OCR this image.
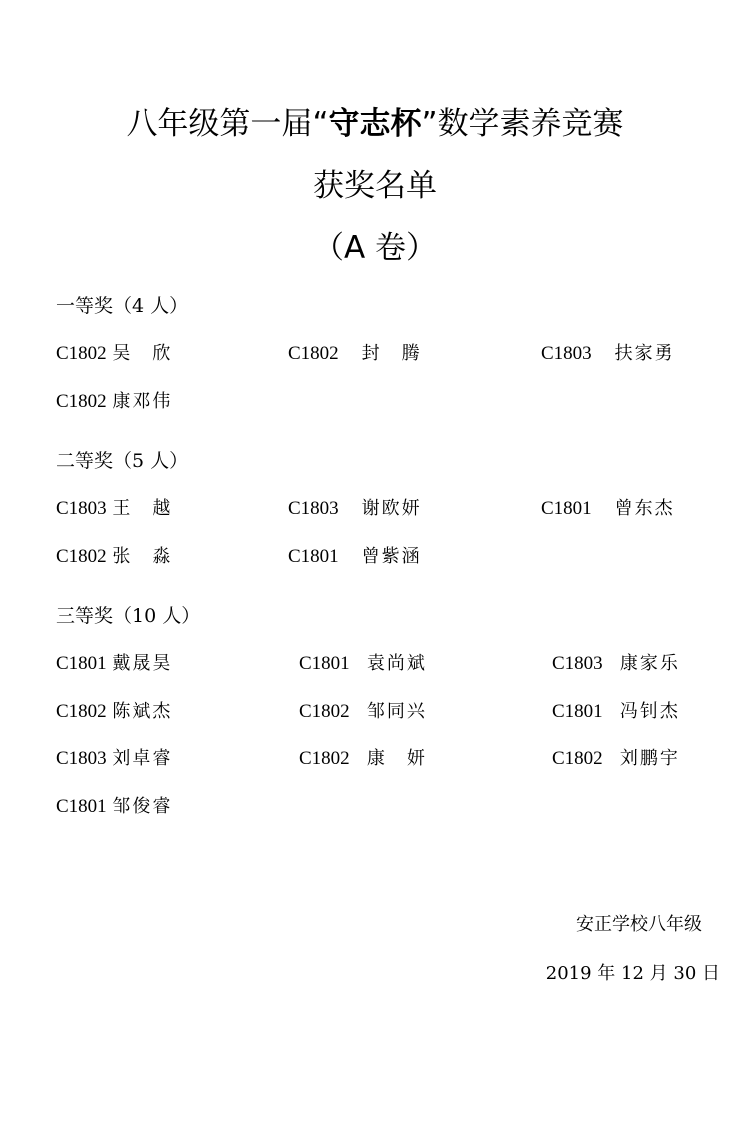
八年级第一届“守志杯”数学素养竞赛
获奖名单
（A 卷）
一等奖（4 人）
C1802 吴　欣	C1802 封　腾	C1803 扶家勇
C1802 康邓伟
二等奖（5 人）
C1803 王　越	C1803 谢欧妍	C1801 曾东杰
C1802 张　淼	C1801 曾紫涵
三等奖（10 人）
C1801 戴晟昊	C1801 袁尚斌	C1803 康家乐
C1802 陈斌杰	C1802 邹同兴	C1801 冯钊杰
C1803 刘卓睿	C1802 康　妍	C1802 刘鹏宇
C1801 邹俊睿
安正学校八年级
2019 年 12 月 30 日
